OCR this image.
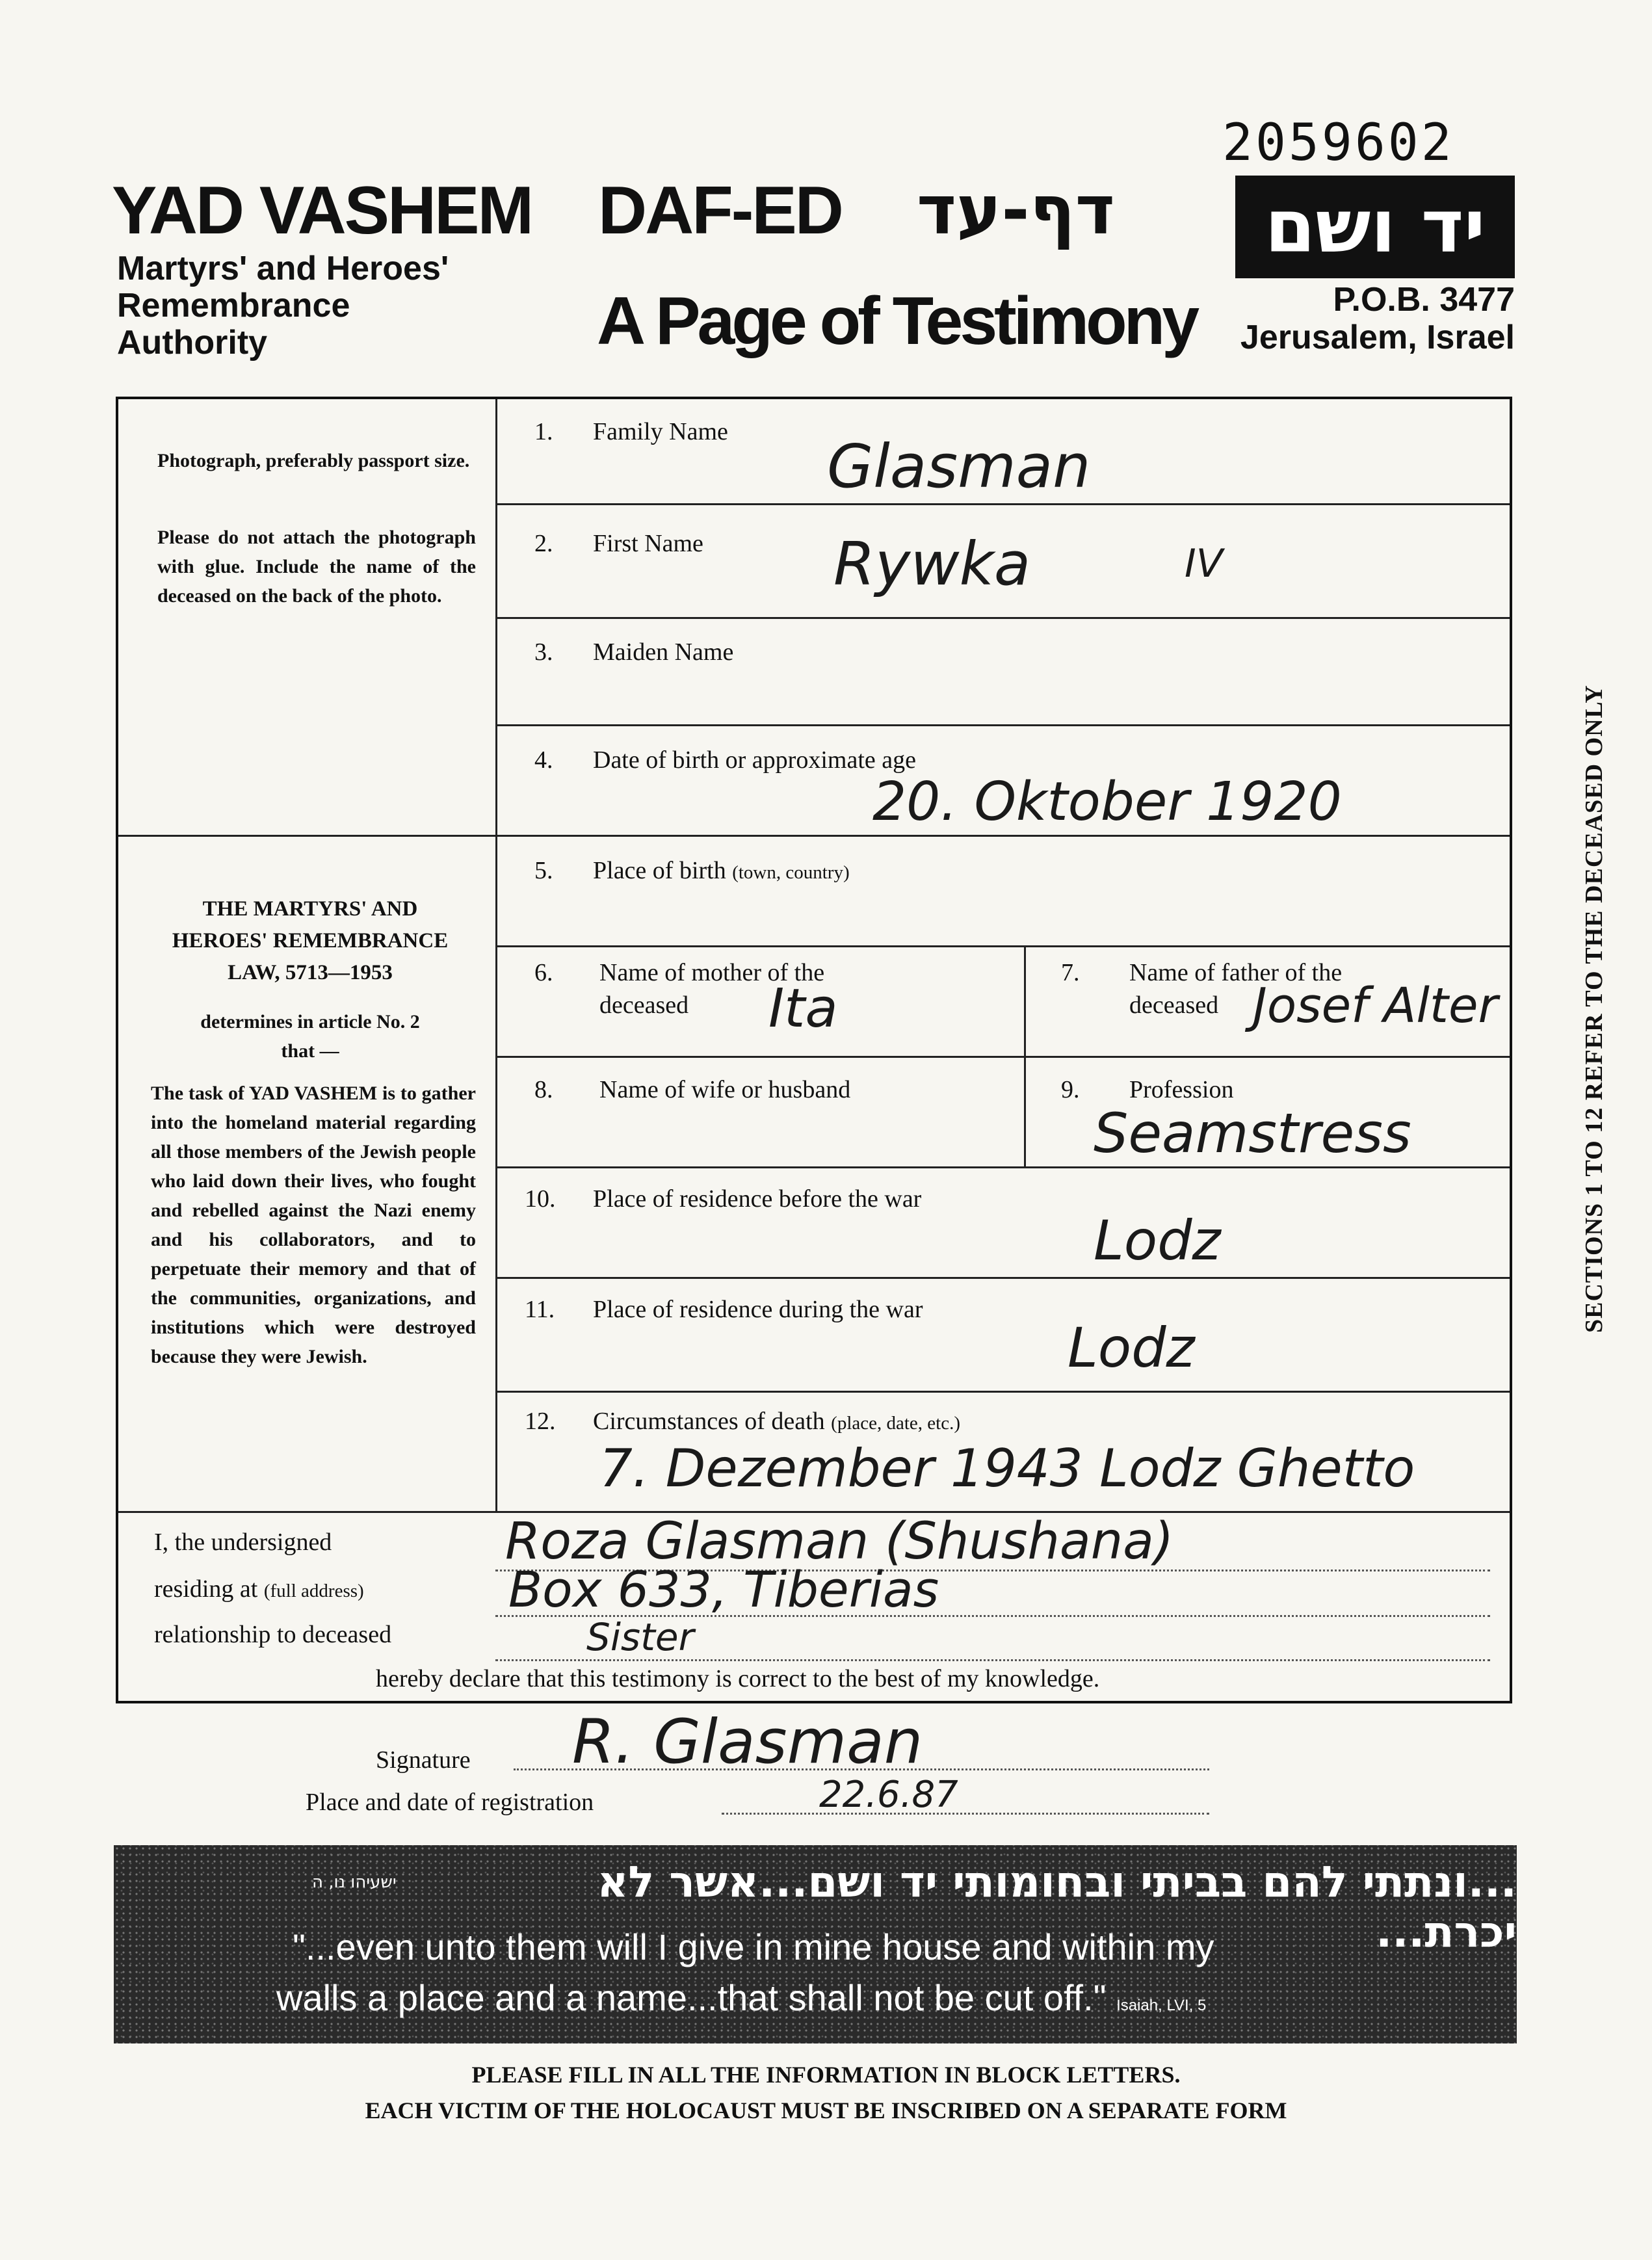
2059602
YAD VASHEM
Martyrs' and Heroes'
Remembrance
Authority
DAF-ED דף-עד
A Page of Testimony
יד ושם
P.O.B. 3477
Jerusalem, Israel
Photograph, preferably passport size.
Please do not attach the photograph with glue. Include the name of the deceased on the back of the photo.
THE MARTYRS' AND
HEROES' REMEMBRANCE
LAW, 5713—1953
determines in article No. 2
that —
The task of YAD VASHEM is to gather into the homeland material regarding all those members of the Jewish people who laid down their lives, who fought and rebelled against the Nazi enemy and his collaborators, and to perpetuate their memory and that of the communities, organizations, and institutions which were destroyed because they were Jewish.
1. Family Name Glasman
2. First Name Rywka	IV
3. Maiden Name
4. Date of birth or approximate age
20. Oktober 1920
5. Place of birth (town, country)
6. Name of mother of the
deceased Ita
7. Name of father of the
deceased Josef Alter
8. Name of wife or husband	9. Profession
Seamstress
10. Place of residence before the war
Lodz
11. Place of residence during the war
Lodz
12. Circumstances of death (place, date, etc.)
7. Dezember 1943 Lodz Ghetto
I, the undersigned	Roza Glasman (Shushana)
residing at (full address)	Box 633, Tiberias
relationship to deceased	Sister
hereby declare that this testimony is correct to the best of my knowledge.
Signature R. Glasman
Place and date of registration	22.6.87
ישעיהו נו, ה	...ונתתי להם בביתי ובחומותי יד ושם...אשר לא יכרת...
"...even unto them will I give in mine house and within my
walls a place and a name...that shall not be cut off." Isaiah, LVI, 5
PLEASE FILL IN ALL THE INFORMATION IN BLOCK LETTERS.
EACH VICTIM OF THE HOLOCAUST MUST BE INSCRIBED ON A SEPARATE FORM
SECTIONS 1 TO 12 REFER TO THE DECEASED ONLY
